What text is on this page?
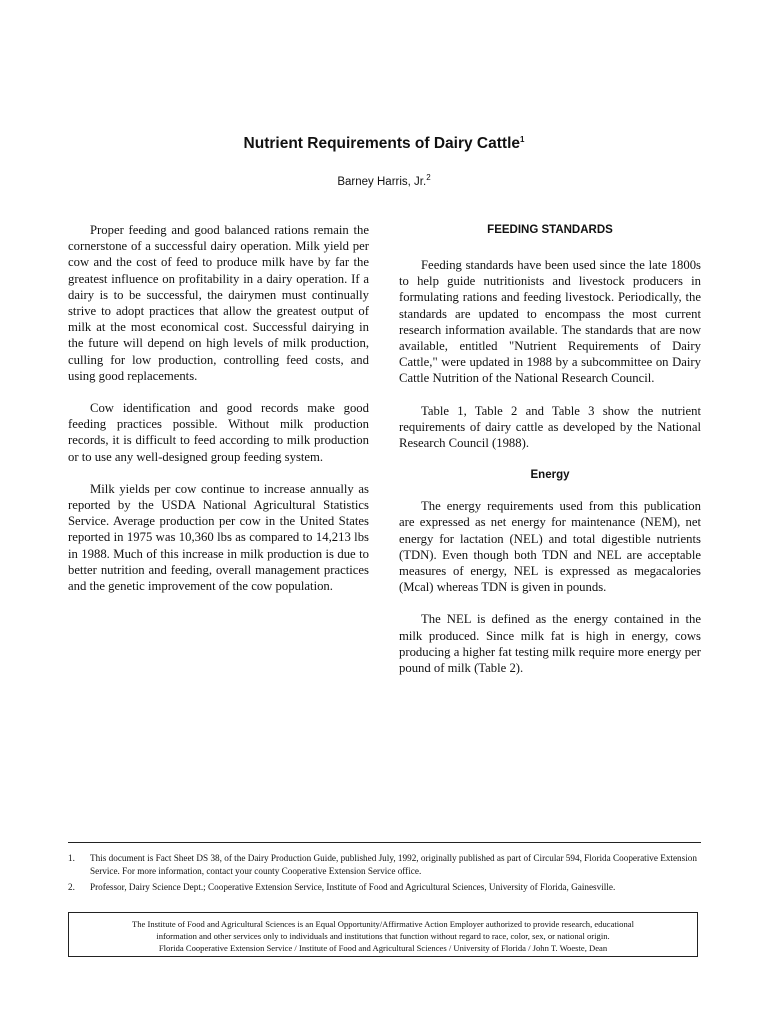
Nutrient Requirements of Dairy Cattle$^1$
Barney Harris, Jr.$^2$

Proper feeding and good balanced rations remain the cornerstone of a successful dairy operation. Milk yield per cow and the cost of feed to produce milk have by far the greatest influence on profitability in a dairy operation. If a dairy is to be successful, the dairymen must continually strive to adopt practices that allow the greatest output of milk at the most economical cost. Successful dairying in the future will depend on high levels of milk production, culling for low production, controlling feed costs, and using good replacements.

Cow identification and good records make good feeding practices possible. Without milk production records, it is difficult to feed according to milk production or to use any well-designed group feeding system.

Milk yields per cow continue to increase annually as reported by the USDA National Agricultural Statistics Service. Average production per cow in the United States reported in 1975 was 10,360 lbs as compared to 14,213 lbs in 1988. Much of this increase in milk production is due to better nutrition and feeding, overall management practices and the genetic improvement of the cow population.

FEEDING STANDARDS

Feeding standards have been used since the late 1800s to help guide nutritionists and livestock producers in formulating rations and feeding livestock. Periodically, the standards are updated to encompass the most current research information available. The standards that are now available, entitled "Nutrient Requirements of Dairy Cattle," were updated in 1988 by a subcommittee on Dairy Cattle Nutrition of the National Research Council.

Table 1, Table 2 and Table 3 show the nutrient requirements of dairy cattle as developed by the National Research Council (1988).

Energy

The energy requirements used from this publication are expressed as net energy for maintenance (NEM), net energy for lactation (NEL) and total digestible nutrients (TDN). Even though both TDN and NEL are acceptable measures of energy, NEL is expressed as megacalories (Mcal) whereas TDN is given in pounds.

The NEL is defined as the energy contained in the milk produced. Since milk fat is high in energy, cows producing a higher fat testing milk require more energy per pound of milk (Table 2).

1.	This document is Fact Sheet DS 38, of the Dairy Production Guide, published July, 1992, originally published as part of Circular 594, Florida Cooperative Extension Service. For more information, contact your county Cooperative Extension Service office.
2.	Professor, Dairy Science Dept.; Cooperative Extension Service, Institute of Food and Agricultural Sciences, University of Florida, Gainesville.
The Institute of Food and Agricultural Sciences is an Equal Opportunity/Affirmative Action Employer authorized to provide research, educational
information and other services only to individuals and institutions that function without regard to race, color, sex, or national origin.
Florida Cooperative Extension Service / Institute of Food and Agricultural Sciences / University of Florida / John T. Woeste, Dean
